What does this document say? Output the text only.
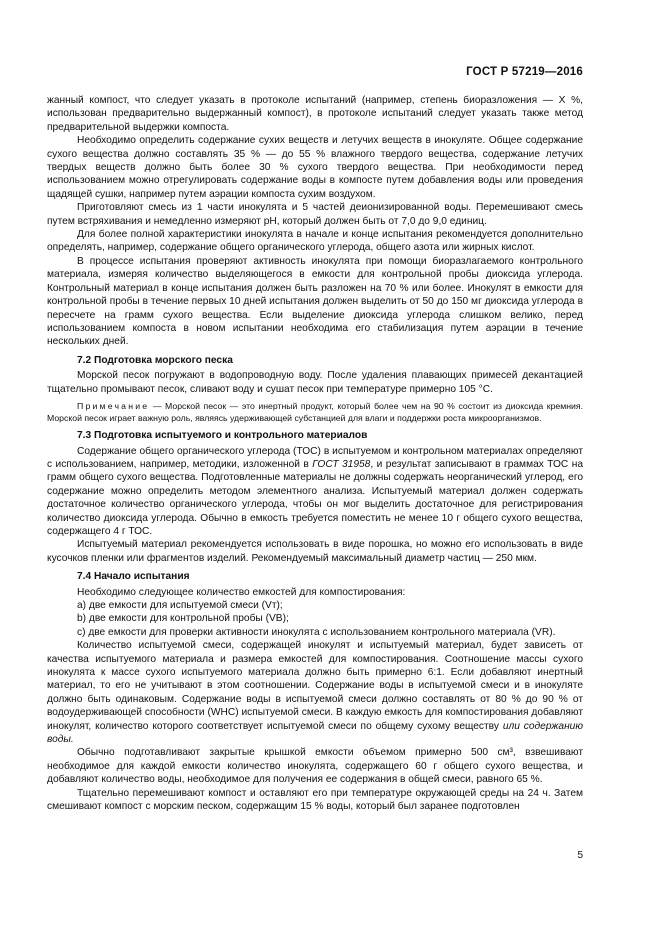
ГОСТ Р 57219—2016

жанный компост, что следует указать в протоколе испытаний (например, степень биоразложения — X %, использован предварительно выдержанный компост), в протоколе испытаний следует указать также метод предварительной выдержки компоста.

Необходимо определить содержание сухих веществ и летучих веществ в инокуляте. Общее содержание сухого вещества должно составлять 35 % — до 55 % влажного твердого вещества, содержание летучих твердых веществ должно быть более 30 % сухого твердого вещества. При необходимости перед использованием можно отрегулировать содержание воды в компосте путем добавления воды или проведения щадящей сушки, например путем аэрации компоста сухим воздухом.

Приготовляют смесь из 1 части инокулята и 5 частей деионизированной воды. Перемешивают смесь путем встряхивания и немедленно измеряют pH, который должен быть от 7,0 до 9,0 единиц.

Для более полной характеристики инокулята в начале и конце испытания рекомендуется дополнительно определять, например, содержание общего органического углерода, общего азота или жирных кислот.

В процессе испытания проверяют активность инокулята при помощи биоразлагаемого контрольного материала, измеряя количество выделяющегося в емкости для контрольной пробы диоксида углерода. Контрольный материал в конце испытания должен быть разложен на 70 % или более. Инокулят в емкости для контрольной пробы в течение первых 10 дней испытания должен выделить от 50 до 150 мг диоксида углерода в пересчете на грамм сухого вещества. Если выделение диоксида углерода слишком велико, перед использованием компоста в новом испытании необходима его стабилизация путем аэрации в течение нескольких дней.

7.2 Подготовка морского песка

Морской песок погружают в водопроводную воду. После удаления плавающих примесей декантацией тщательно промывают песок, сливают воду и сушат песок при температуре примерно 105 °С.

Примечание — Морской песок — это инертный продукт, который более чем на 90 % состоит из диоксида кремния. Морской песок играет важную роль, являясь удерживающей субстанцией для влаги и поддержки роста микроорганизмов.
7.3 Подготовка испытуемого и контрольного материалов

Содержание общего органического углерода (ТОС) в испытуемом и контрольном материалах определяют с использованием, например, методики, изложенной в ГОСТ 31958, и результат записывают в граммах ТОС на грамм общего сухого вещества. Подготовленные материалы не должны содержать неорганический углерод, его содержание можно определить методом элементного анализа. Испытуемый материал должен содержать достаточное количество органического углерода, чтобы он мог выделить достаточное для регистрирования количество диоксида углерода. Обычно в емкость требуется поместить не менее 10 г общего сухого вещества, содержащего 4 г ТОС.

Испытуемый материал рекомендуется использовать в виде порошка, но можно его использовать в виде кусочков пленки или фрагментов изделий. Рекомендуемый максимальный диаметр частиц — 250 мкм.

7.4 Начало испытания

Необходимо следующее количество емкостей для компостирования:

a) две емкости для испытуемой смеси (Vт);

b) две емкости для контрольной пробы (VB);

c) две емкости для проверки активности инокулята с использованием контрольного материала (VR).

Количество испытуемой смеси, содержащей инокулят и испытуемый материал, будет зависеть от качества испытуемого материала и размера емкостей для компостирования. Соотношение массы сухого инокулята к массе сухого испытуемого материала должно быть примерно 6:1. Если добавляют инертный материал, то его не учитывают в этом соотношении. Содержание воды в испытуемой смеси и в инокуляте должно быть одинаковым. Содержание воды в испытуемой смеси должно составлять от 80 % до 90 % от водоудерживающей способности (WHC) испытуемой смеси. В каждую емкость для компостирования добавляют инокулят, количество которого соответствует испытуемой смеси по общему сухому веществу или содержанию воды.

Обычно подготавливают закрытые крышкой емкости объемом примерно 500 см³, взвешивают необходимое для каждой емкости количество инокулята, содержащего 60 г общего сухого вещества, и добавляют количество воды, необходимое для получения ее содержания в общей смеси, равного 65 %.

Тщательно перемешивают компост и оставляют его при температуре окружающей среды на 24 ч. Затем смешивают компост с морским песком, содержащим 15 % воды, который был заранее подготовлен

5
